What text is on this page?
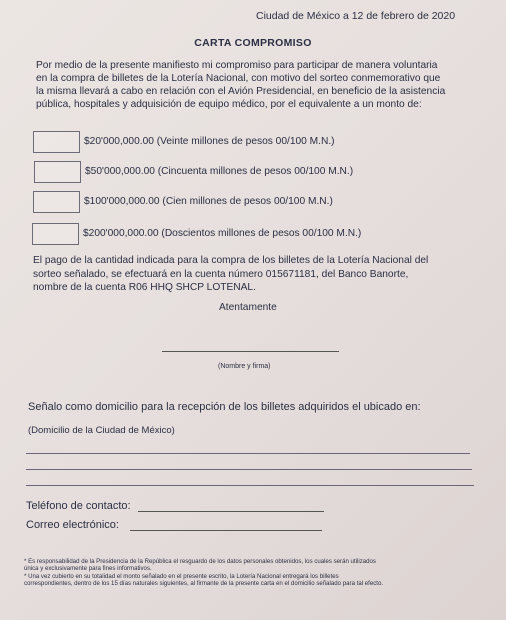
Ciudad de México a 12 de febrero de 2020
CARTA COMPROMISO
Por medio de la presente manifiesto mi compromiso para participar de manera voluntaria
en la compra de billetes de la Lotería Nacional, con motivo del sorteo conmemorativo que
la misma llevará a cabo en relación con el Avión Presidencial, en beneficio de la asistencia
pública, hospitales y adquisición de equipo médico, por el equivalente a un monto de:
$20'000,000.00 (Veinte millones de pesos 00/100 M.N.)
$50'000,000.00 (Cincuenta millones de pesos 00/100 M.N.)
$100'000,000.00 (Cien millones de pesos 00/100 M.N.)
$200'000,000.00 (Doscientos millones de pesos 00/100 M.N.)
El pago de la cantidad indicada para la compra de los billetes de la Lotería Nacional del
sorteo señalado, se efectuará en la cuenta número 015671181, del Banco Banorte,
nombre de la cuenta R06 HHQ SHCP LOTENAL.
Atentamente
(Nombre y firma)
Señalo como domicilio para la recepción de los billetes adquiridos el ubicado en:
(Domicilio de la Ciudad de México)
Teléfono de contacto:
Correo electrónico:
* Es responsabilidad de la Presidencia de la República el resguardo de los datos personales obtenidos, los cuales serán utilizados
única y exclusivamente para fines informativos.
* Una vez cubierto en su totalidad el monto señalado en el presente escrito, la Lotería Nacional entregará los billetes
correspondientes, dentro de los 15 días naturales siguientes, al firmante de la presente carta en el domicilio señalado para tal efecto.
